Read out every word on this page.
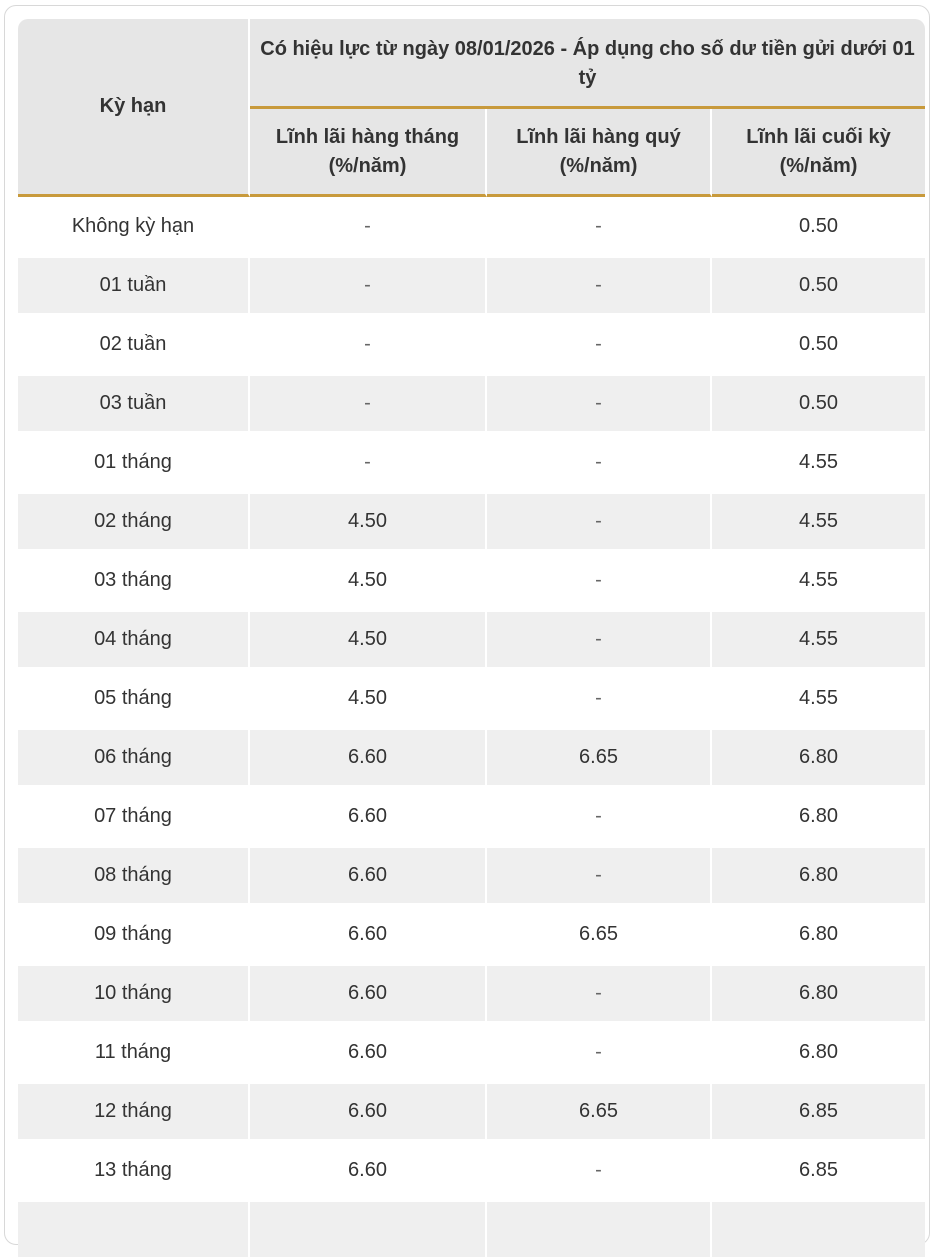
Kỳ hạn	Có hiệu lực từ ngày 08/01/2026 - Áp dụng cho số dư tiền gửi dưới 01 tỷ		
	Lĩnh lãi hàng tháng (%/năm)	Lĩnh lãi hàng quý (%/năm)	Lĩnh lãi cuối kỳ (%/năm)
Không kỳ hạn	-	-	0.50
01 tuần	-	-	0.50
02 tuần	-	-	0.50
03 tuần	-	-	0.50
01 tháng	-	-	4.55
02 tháng	4.50	-	4.55
03 tháng	4.50	-	4.55
04 tháng	4.50	-	4.55
05 tháng	4.50	-	4.55
06 tháng	6.60	6.65	6.80
07 tháng	6.60	-	6.80
08 tháng	6.60	-	6.80
09 tháng	6.60	6.65	6.80
10 tháng	6.60	-	6.80
11 tháng	6.60	-	6.80
12 tháng	6.60	6.65	6.85
13 tháng	6.60	-	6.85
